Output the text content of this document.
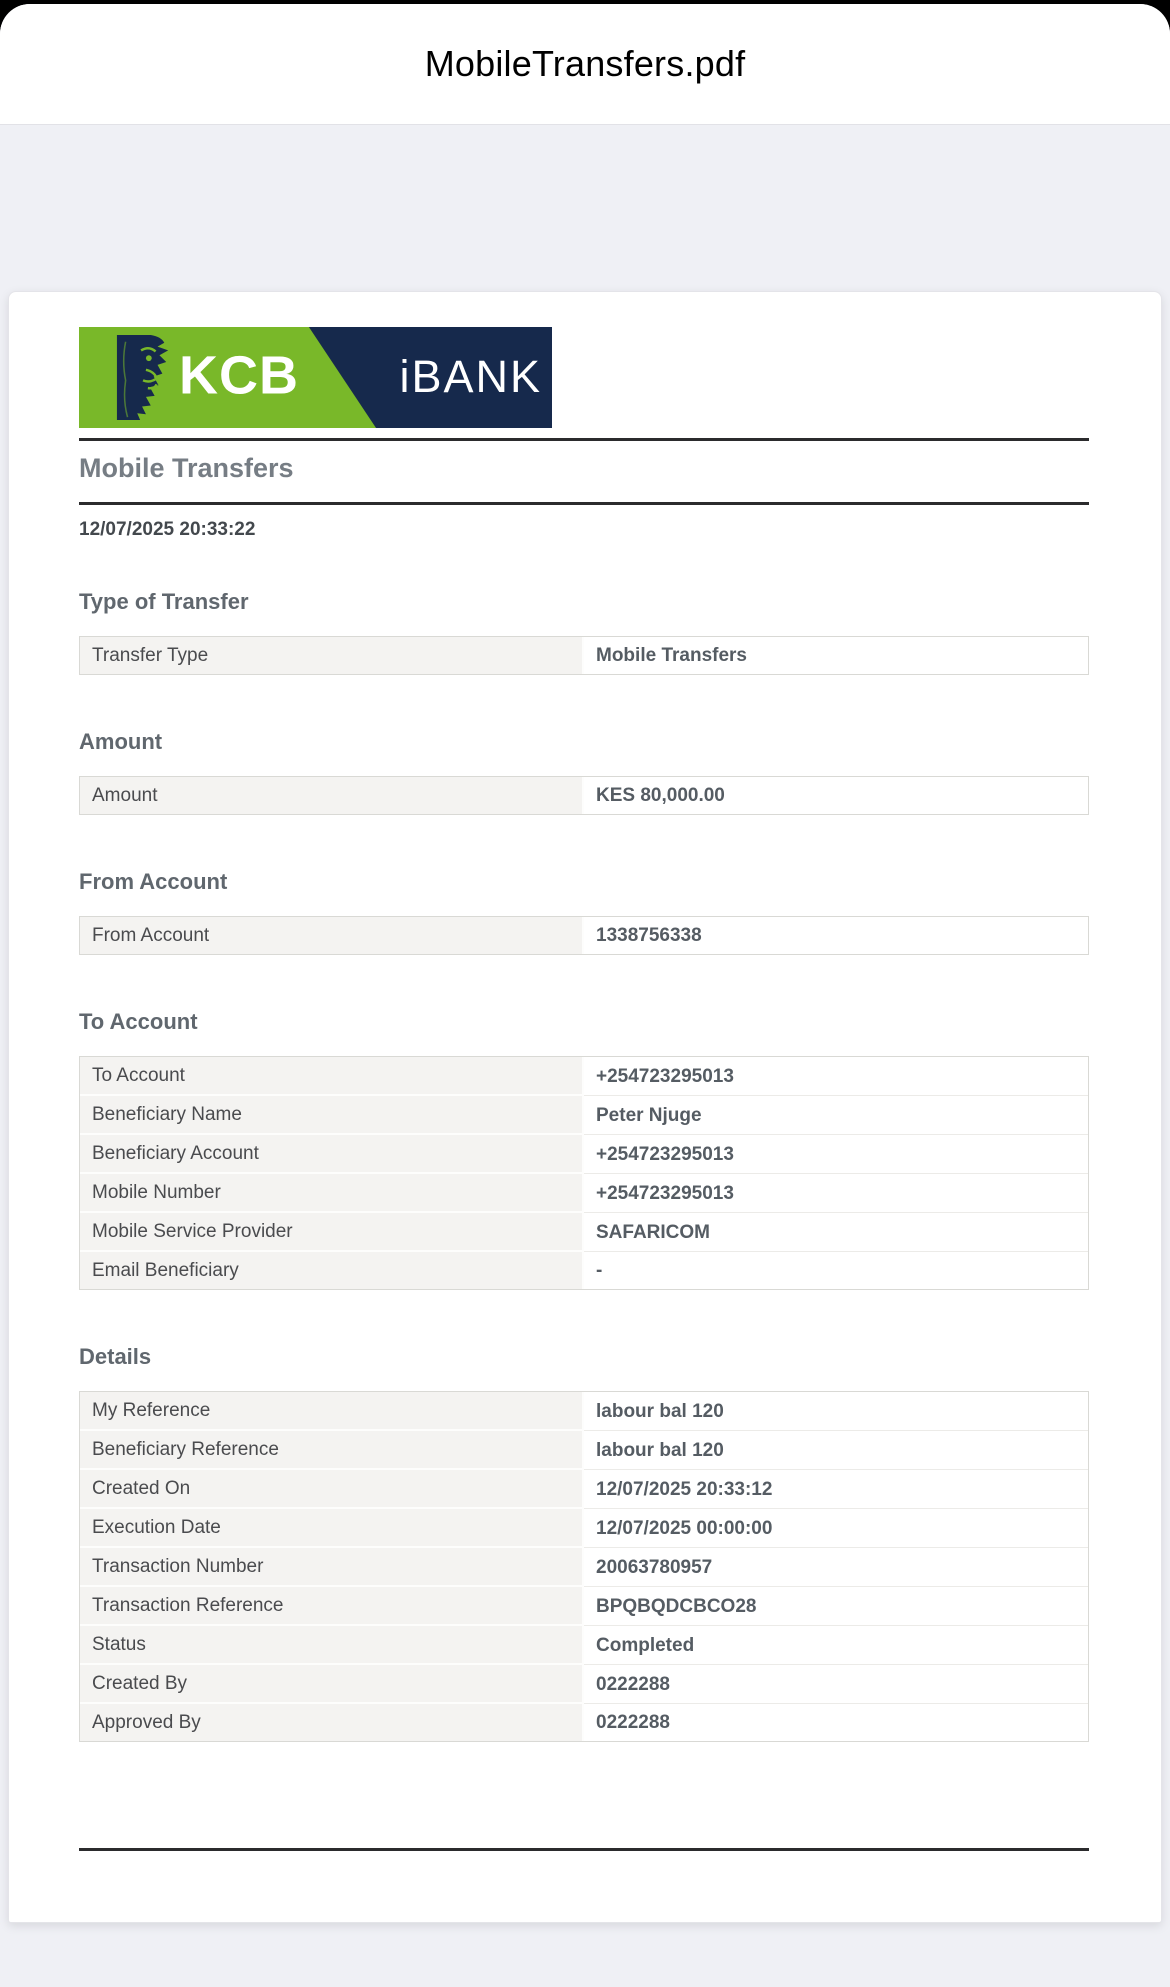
MobileTransfers.pdf
KCB iBANK
Mobile Transfers
12/07/2025 20:33:22
Type of Transfer
Transfer Type	Mobile Transfers
Amount
Amount	KES 80,000.00
From Account
From Account	1338756338
To Account
To Account	+254723295013
Beneficiary Name	Peter Njuge
Beneficiary Account	+254723295013
Mobile Number	+254723295013
Mobile Service Provider	SAFARICOM
Email Beneficiary	-
Details
My Reference	labour bal 120
Beneficiary Reference	labour bal 120
Created On	12/07/2025 20:33:12
Execution Date	12/07/2025 00:00:00
Transaction Number	20063780957
Transaction Reference	BPQBQDCBCO28
Status	Completed
Created By	0222288
Approved By	0222288
